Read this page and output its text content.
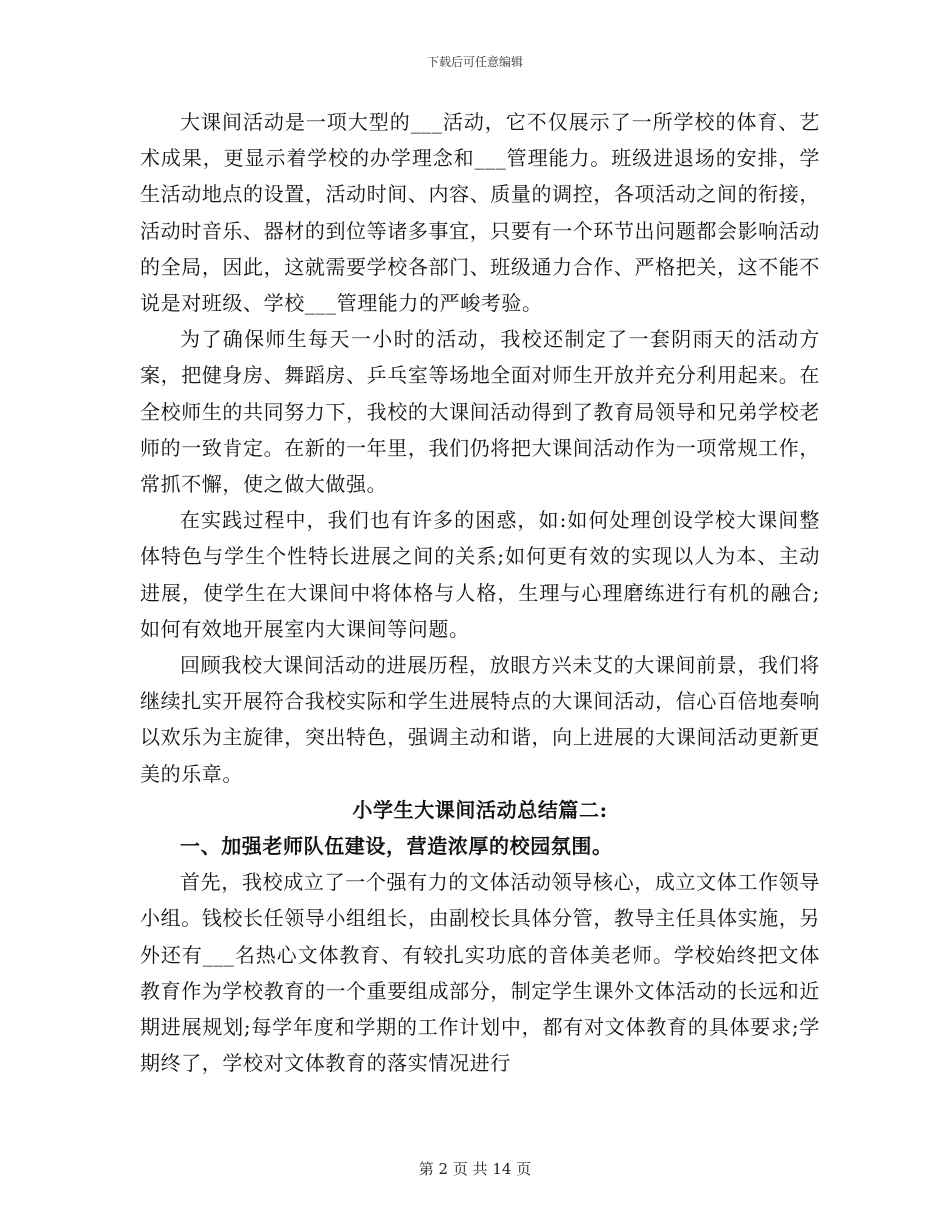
下载后可任意编辑

大课间活动是一项大型的___活动，它不仅展示了一所学校的体育、艺术成果，更显示着学校的办学理念和___管理能力。班级进退场的安排，学生活动地点的设置，活动时间、内容、质量的调控，各项活动之间的衔接，活动时音乐、器材的到位等诸多事宜，只要有一个环节出问题都会影响活动的全局，因此，这就需要学校各部门、班级通力合作、严格把关，这不能不说是对班级、学校___管理能力的严峻考验。

为了确保师生每天一小时的活动，我校还制定了一套阴雨天的活动方案，把健身房、舞蹈房、乒乓室等场地全面对师生开放并充分利用起来。在全校师生的共同努力下，我校的大课间活动得到了教育局领导和兄弟学校老师的一致肯定。在新的一年里，我们仍将把大课间活动作为一项常规工作，常抓不懈，使之做大做强。

在实践过程中，我们也有许多的困惑，如:如何处理创设学校大课间整体特色与学生个性特长进展之间的关系;如何更有效的实现以人为本、主动进展，使学生在大课间中将体格与人格，生理与心理磨练进行有机的融合;如何有效地开展室内大课间等问题。

回顾我校大课间活动的进展历程，放眼方兴未艾的大课间前景，我们将继续扎实开展符合我校实际和学生进展特点的大课间活动，信心百倍地奏响以欢乐为主旋律，突出特色，强调主动和谐，向上进展的大课间活动更新更美的乐章。

小学生大课间活动总结篇二:

一、加强老师队伍建设，营造浓厚的校园氛围。

首先，我校成立了一个强有力的文体活动领导核心，成立文体工作领导小组。钱校长任领导小组组长，由副校长具体分管，教导主任具体实施，另外还有___名热心文体教育、有较扎实功底的音体美老师。学校始终把文体教育作为学校教育的一个重要组成部分，制定学生课外文体活动的长远和近期进展规划;每学年度和学期的工作计划中，都有对文体教育的具体要求;学期终了，学校对文体教育的落实情况进行

第 2 页 共 14 页
